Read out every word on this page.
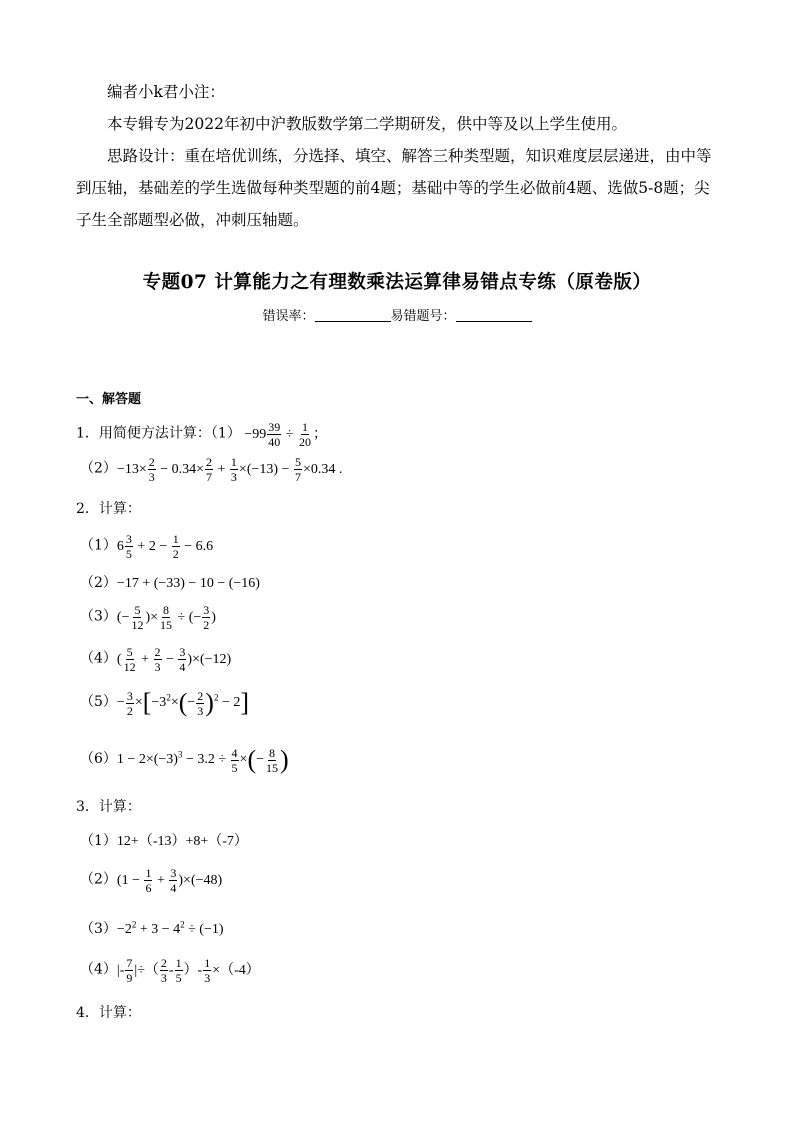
编者小k君小注：

本专辑专为2022年初中沪教版数学第二学期研发，供中等及以上学生使用。

思路设计：重在培优训练，分选择、填空、解答三种类型题，知识难度层层递进，由中等到压轴，基础差的学生选做每种类型题的前4题；基础中等的学生必做前4题、选做5-8题；尖子生全部题型必做，冲刺压轴题。

专题07 计算能力之有理数乘法运算律易错点专练（原卷版）
错误率：	易错题号：
一、解答题
1．用简便方法计算：$(1) -99 \frac{39}{40} \div \frac{1}{20}$ ；
$(2)-13\times \frac{2}{3} - 0.34\times \frac{2}{7} + \frac{1}{3} \times(-13) - \frac{5}{7} \times 0.34$ .
2．计算：
$(1)6 \frac{3}{5} + 2 - \frac{1}{2} - 6.6$
（2）−17 + (−33) − 10 − (−16)
$(3)(- \frac{5}{12}$ )× $\frac{8}{15}$ ÷ (− $\frac{3}{2}$ )
$(4)( \frac{5}{12} + \frac{2}{3} - \frac{3}{4} )\times(-12)$
$(5)- \frac{3}{2} \times[-3^2\times(- \frac{2}{3} )^2 - 2]$
$(6)1 - 2\times(-3)^3 - 3.2 \div \frac{4}{5}$ ×(− $\frac{8}{15}$ )
3．计算：
（1）12+（-13）+8+（-7）
$(2)(1 - \frac{1}{6} + \frac{3}{4} )\times(-48)$
$(3)-2^2 + 3 - 4^2 \div (-1)$
$(4)|- \frac{7}{9}$ |÷（ $\frac{2}{3} - \frac{1}{5}$ ）- $\frac{1}{3} \times(-4)$
4．计算：
